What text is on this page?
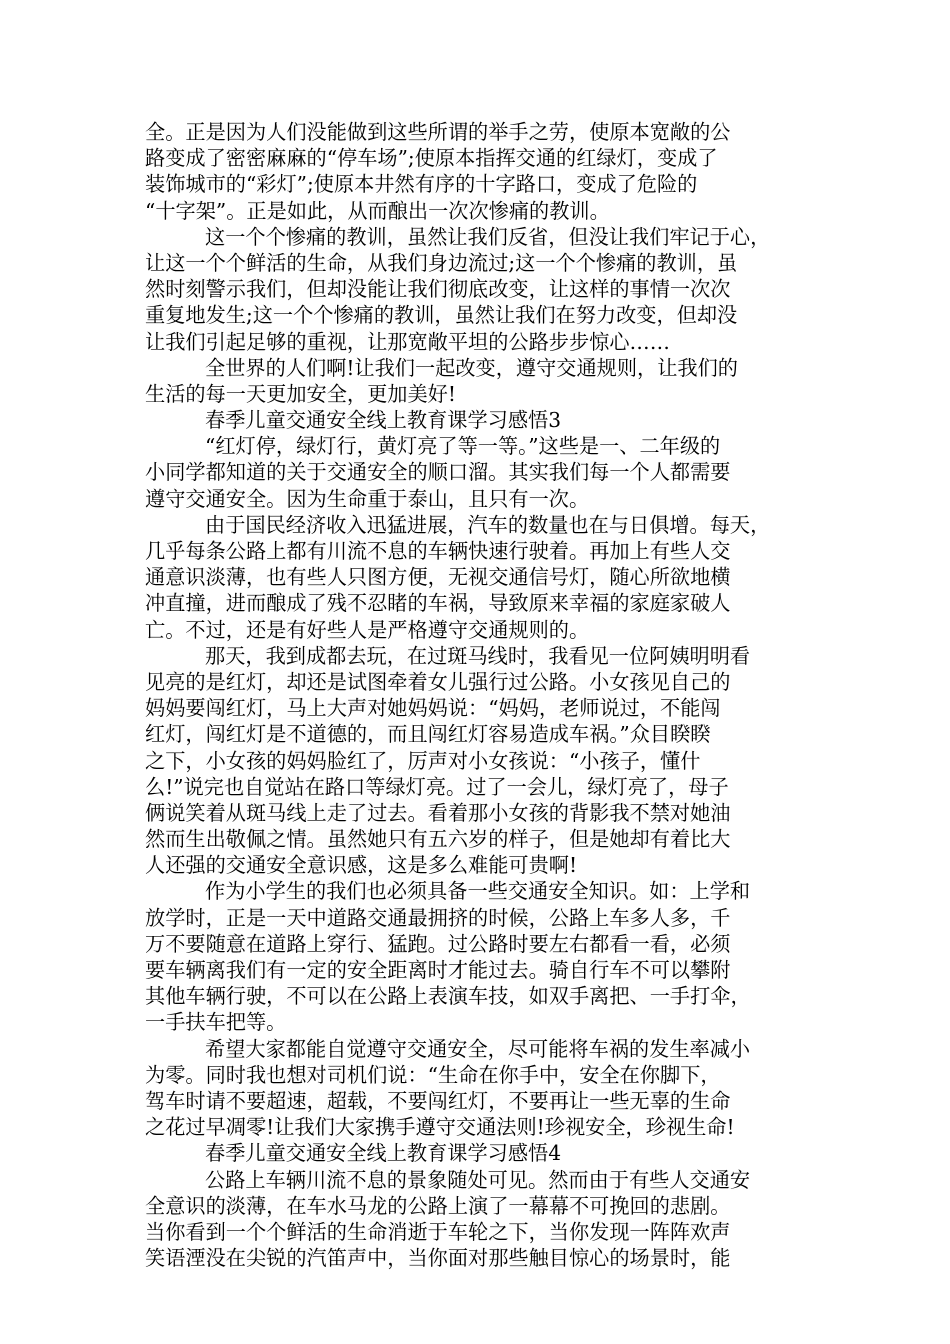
全。正是因为人们没能做到这些所谓的举手之劳，使原本宽敞的公
路变成了密密麻麻的“停车场”;使原本指挥交通的红绿灯，变成了
装饰城市的“彩灯”;使原本井然有序的十字路口，变成了危险的
“十字架”。正是如此，从而酿出一次次惨痛的教训。
这一个个惨痛的教训，虽然让我们反省，但没让我们牢记于心，
让这一个个鲜活的生命，从我们身边流过;这一个个惨痛的教训，虽
然时刻警示我们，但却没能让我们彻底改变，让这样的事情一次次
重复地发生;这一个个惨痛的教训，虽然让我们在努力改变，但却没
让我们引起足够的重视，让那宽敞平坦的公路步步惊心……
全世界的人们啊!让我们一起改变，遵守交通规则，让我们的
生活的每一天更加安全，更加美好!
春季儿童交通安全线上教育课学习感悟3
“红灯停，绿灯行，黄灯亮了等一等。”这些是一、二年级的
小同学都知道的关于交通安全的顺口溜。其实我们每一个人都需要
遵守交通安全。因为生命重于泰山，且只有一次。
由于国民经济收入迅猛进展，汽车的数量也在与日俱增。每天，
几乎每条公路上都有川流不息的车辆快速行驶着。再加上有些人交
通意识淡薄，也有些人只图方便，无视交通信号灯，随心所欲地横
冲直撞，进而酿成了残不忍睹的车祸，导致原来幸福的家庭家破人
亡。不过，还是有好些人是严格遵守交通规则的。
那天，我到成都去玩，在过斑马线时，我看见一位阿姨明明看
见亮的是红灯，却还是试图牵着女儿强行过公路。小女孩见自己的
妈妈要闯红灯，马上大声对她妈妈说：“妈妈，老师说过，不能闯
红灯，闯红灯是不道德的，而且闯红灯容易造成车祸。”众目睽睽
之下，小女孩的妈妈脸红了，厉声对小女孩说：“小孩子，懂什
么!”说完也自觉站在路口等绿灯亮。过了一会儿，绿灯亮了，母子
俩说笑着从斑马线上走了过去。看着那小女孩的背影我不禁对她油
然而生出敬佩之情。虽然她只有五六岁的样子，但是她却有着比大
人还强的交通安全意识感，这是多么难能可贵啊!
作为小学生的我们也必须具备一些交通安全知识。如：上学和
放学时，正是一天中道路交通最拥挤的时候，公路上车多人多，千
万不要随意在道路上穿行、猛跑。过公路时要左右都看一看，必须
要车辆离我们有一定的安全距离时才能过去。骑自行车不可以攀附
其他车辆行驶，不可以在公路上表演车技，如双手离把、一手打伞，
一手扶车把等。
希望大家都能自觉遵守交通安全，尽可能将车祸的发生率减小
为零。同时我也想对司机们说：“生命在你手中，安全在你脚下，
驾车时请不要超速，超载，不要闯红灯，不要再让一些无辜的生命
之花过早凋零!让我们大家携手遵守交通法则!珍视安全，珍视生命!
春季儿童交通安全线上教育课学习感悟4
公路上车辆川流不息的景象随处可见。然而由于有些人交通安
全意识的淡薄，在车水马龙的公路上演了一幕幕不可挽回的悲剧。
当你看到一个个鲜活的生命消逝于车轮之下，当你发现一阵阵欢声
笑语湮没在尖锐的汽笛声中，当你面对那些触目惊心的场景时，能
